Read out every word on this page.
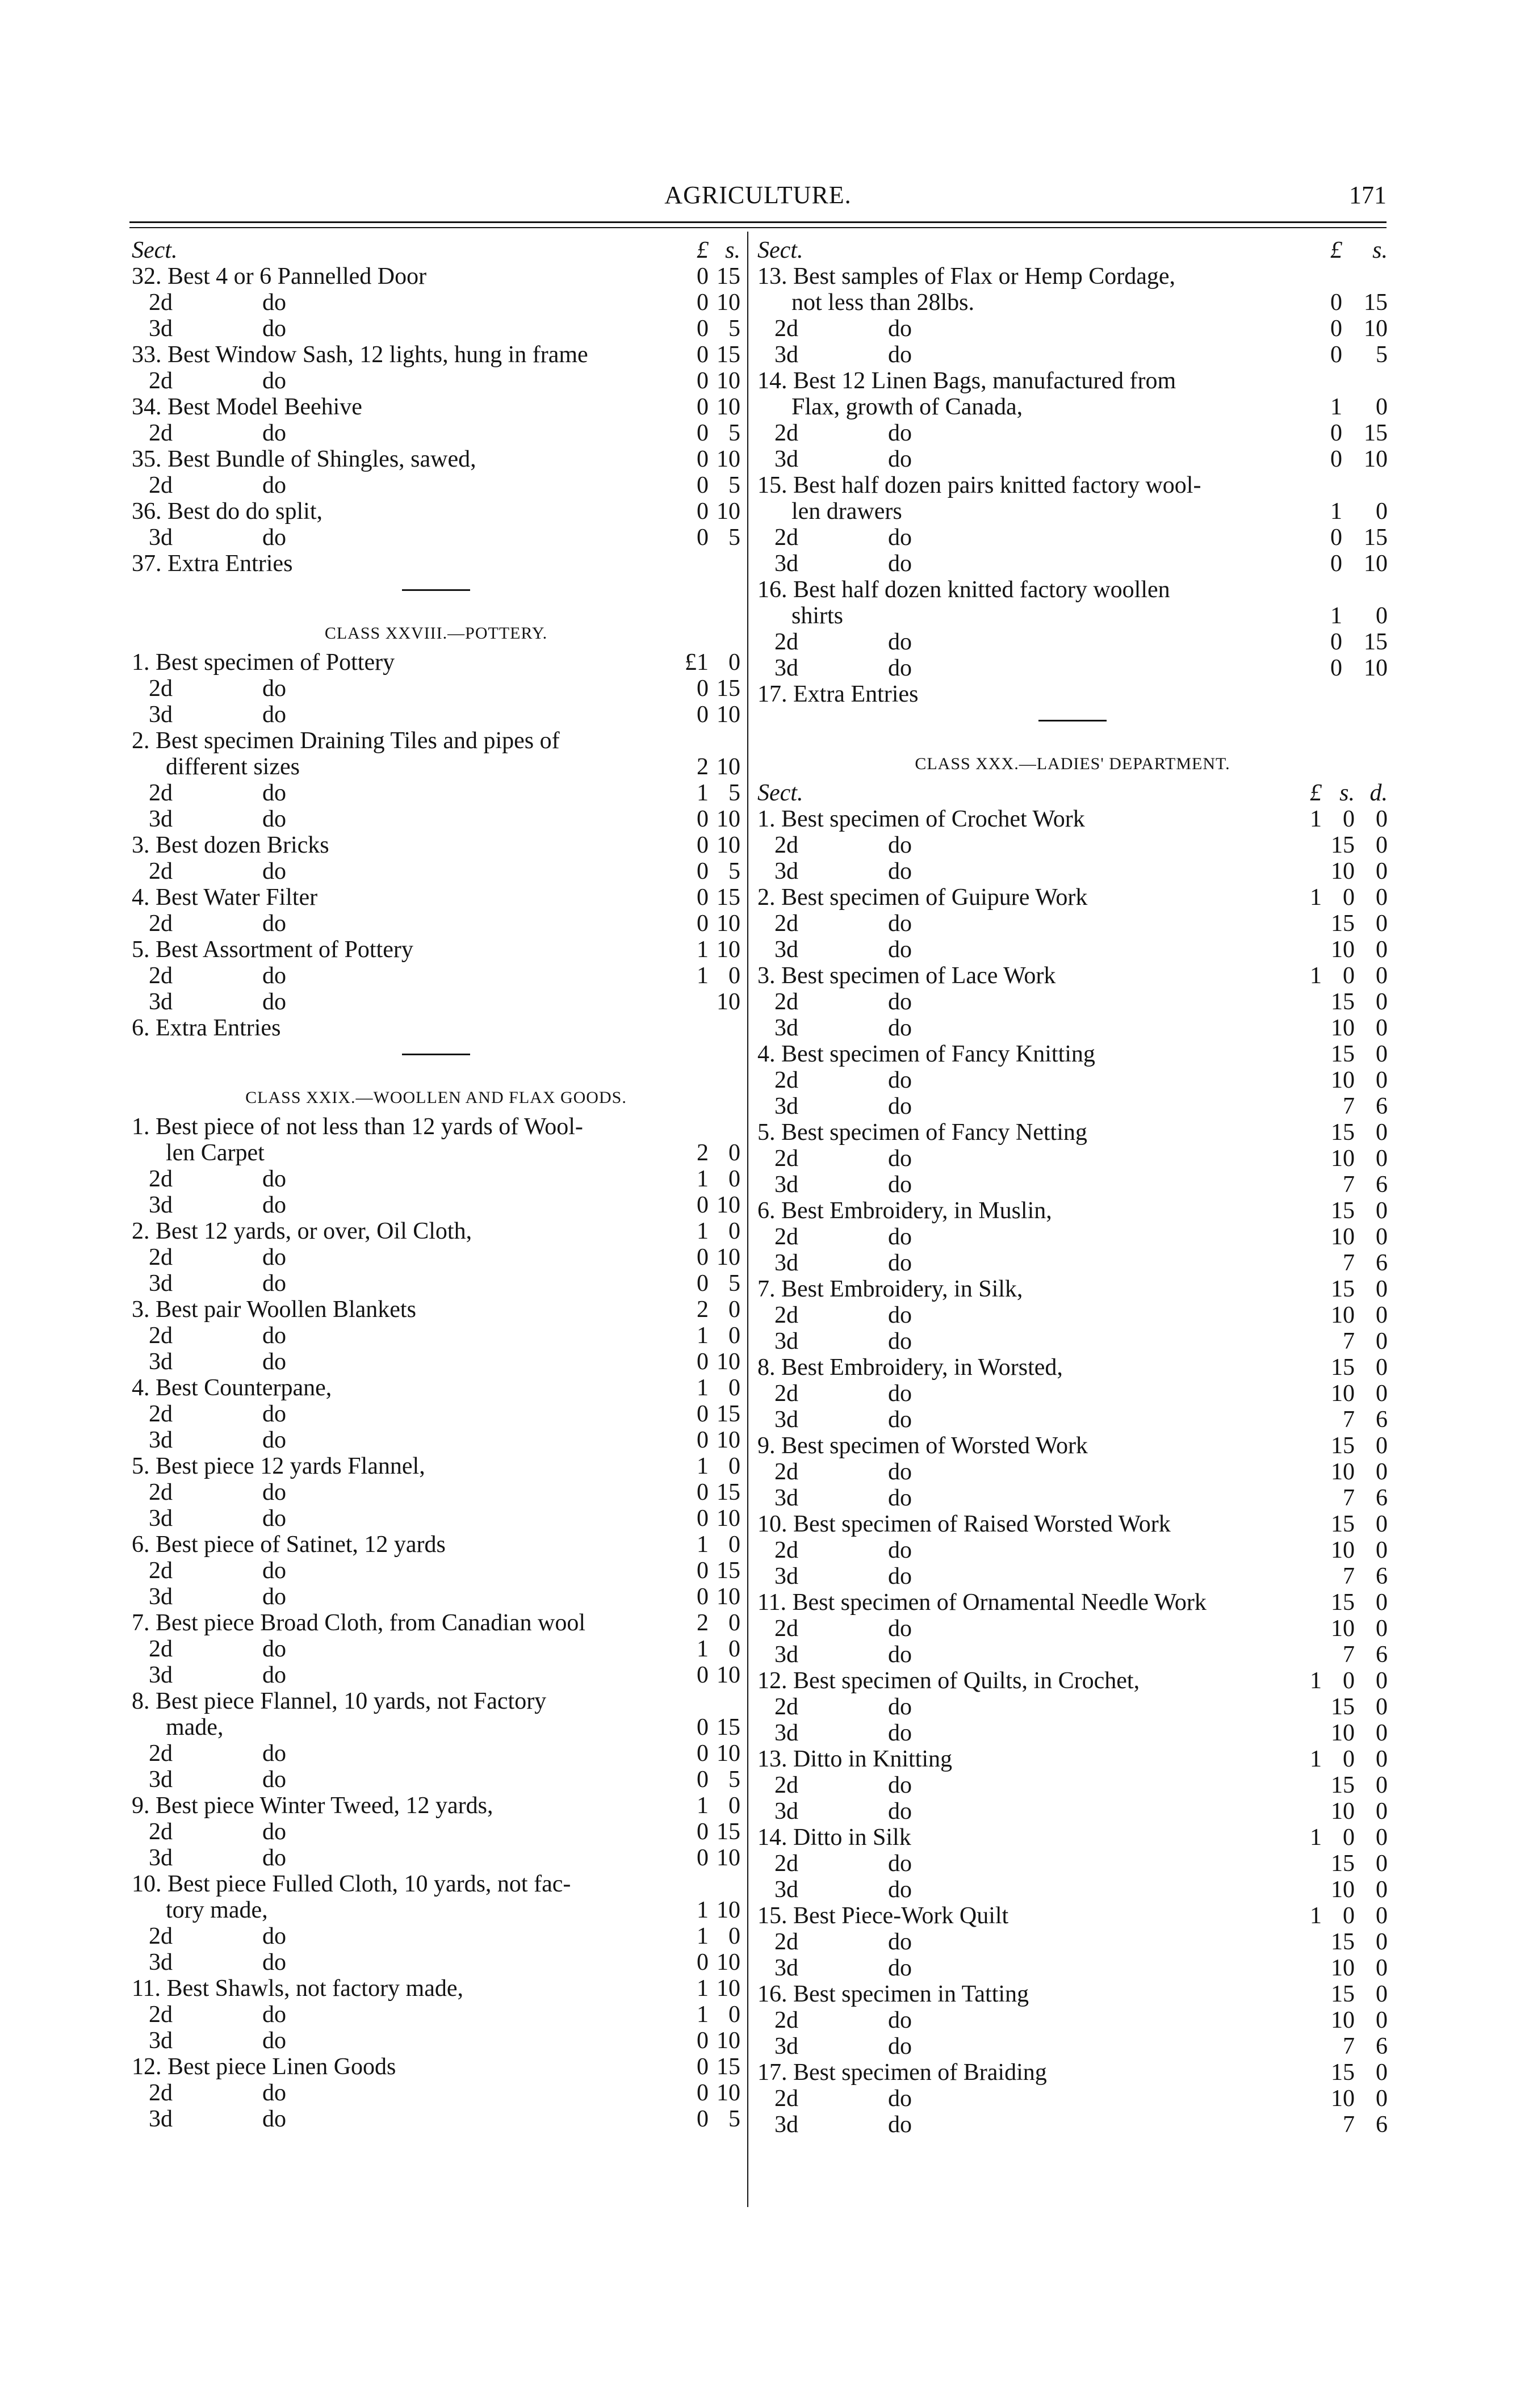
AGRICULTURE.	171
Sect.	£ s.
32. Best 4 or 6 Pannelled Door	0 15
2d	do	0 10
3d	do	0 5
33. Best Window Sash, 12 lights, hung in frame	0 15
2d	do	0 10
34. Best Model Beehive	0 10
2d	do	0 5
35. Best Bundle of Shingles, sawed,	0 10
2d	do	0 5
36. Best do do split,	0 10
3d	do	0 5
37. Extra Entries
CLASS XXVIII.—POTTERY.
1. Best specimen of Pottery	£1 0
2d	do	0 15
3d	do	0 10
2. Best specimen Draining Tiles and pipes of
different sizes	2 10
2d	do	1 5
3d	do	0 10
3. Best dozen Bricks	0 10
2d	do	0 5
4. Best Water Filter	0 15
2d	do	0 10
5. Best Assortment of Pottery	1 10
2d	do	1 0
3d	do	10
6. Extra Entries
CLASS XXIX.—WOOLLEN AND FLAX GOODS.
1. Best piece of not less than 12 yards of Wool-
len Carpet	2 0
2d	do	1 0
3d	do	0 10
2. Best 12 yards, or over, Oil Cloth,	1 0
2d	do	0 10
3d	do	0 5
3. Best pair Woollen Blankets	2 0
2d	do	1 0
3d	do	0 10
4. Best Counterpane,	1 0
2d	do	0 15
3d	do	0 10
5. Best piece 12 yards Flannel,	1 0
2d	do	0 15
3d	do	0 10
6. Best piece of Satinet, 12 yards	1 0
2d	do	0 15
3d	do	0 10
7. Best piece Broad Cloth, from Canadian wool	2 0
2d	do	1 0
3d	do	0 10
8. Best piece Flannel, 10 yards, not Factory
made,	0 15
2d	do	0 10
3d	do	0 5
9. Best piece Winter Tweed, 12 yards,	1 0
2d	do	0 15
3d	do	0 10
10. Best piece Fulled Cloth, 10 yards, not fac-
tory made,	1 10
2d	do	1 0
3d	do	0 10
11. Best Shawls, not factory made,	1 10
2d	do	1 0
3d	do	0 10
12. Best piece Linen Goods	0 15
2d	do	0 10
3d	do	0 5
Sect.	£	s.
13. Best samples of Flax or Hemp Cordage,
not less than 28lbs.	0 15
2d	do	0 10
3d	do	0	5
14. Best 12 Linen Bags, manufactured from
Flax, growth of Canada,	1	0
2d	do	0 15
3d	do	0 10
15. Best half dozen pairs knitted factory wool-
len drawers	1	0
2d	do	0 15
3d	do	0 10
16. Best half dozen knitted factory woollen
shirts	1	0
2d	do	0 15
3d	do	0 10
17. Extra Entries
CLASS XXX.—LADIES' DEPARTMENT.
Sect.	£ s. d.
1. Best specimen of Crochet Work	1 0 0
2d	do	15 0
3d	do	10 0
2. Best specimen of Guipure Work	1 0 0
2d	do	15 0
3d	do	10 0
3. Best specimen of Lace Work	1 0 0
2d	do	15 0
3d	do	10 0
4. Best specimen of Fancy Knitting	15 0
2d	do	10 0
3d	do	7 6
5. Best specimen of Fancy Netting	15 0
2d	do	10 0
3d	do	7 6
6. Best Embroidery, in Muslin,	15 0
2d	do	10 0
3d	do	7 6
7. Best Embroidery, in Silk,	15 0
2d	do	10 0
3d	do	7 0
8. Best Embroidery, in Worsted,	15 0
2d	do	10 0
3d	do	7 6
9. Best specimen of Worsted Work	15 0
2d	do	10 0
3d	do	7 6
10. Best specimen of Raised Worsted Work	15 0
2d	do	10 0
3d	do	7 6
11. Best specimen of Ornamental Needle Work	15 0
2d	do	10 0
3d	do	7 6
12. Best specimen of Quilts, in Crochet,	1 0 0
2d	do	15 0
3d	do	10 0
13. Ditto in Knitting	1 0 0
2d	do	15 0
3d	do	10 0
14. Ditto in Silk	1 0 0
2d	do	15 0
3d	do	10 0
15. Best Piece-Work Quilt	1 0 0
2d	do	15 0
3d	do	10 0
16. Best specimen in Tatting	15 0
2d	do	10 0
3d	do	7 6
17. Best specimen of Braiding	15 0
2d	do	10 0
3d	do	7 6
